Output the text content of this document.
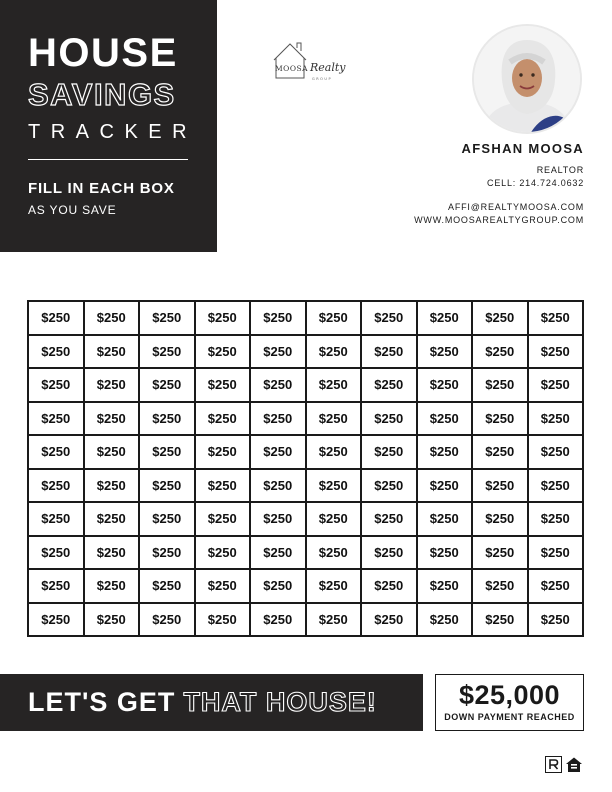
HOUSE
SAVINGS
TRACKER
FILL IN EACH BOX
AS YOU SAVE
MOOSA Realty
GROUP
AFSHAN MOOSA
REALTOR
CELL: 214.724.0632
AFFI@REALTYMOOSA.COM
WWW.MOOSAREALTYGROUP.COM
$250	$250	$250	$250	$250	$250	$250	$250	$250	$250
$250	$250	$250	$250	$250	$250	$250	$250	$250	$250
$250	$250	$250	$250	$250	$250	$250	$250	$250	$250
$250	$250	$250	$250	$250	$250	$250	$250	$250	$250
$250	$250	$250	$250	$250	$250	$250	$250	$250	$250
$250	$250	$250	$250	$250	$250	$250	$250	$250	$250
$250	$250	$250	$250	$250	$250	$250	$250	$250	$250
$250	$250	$250	$250	$250	$250	$250	$250	$250	$250
$250	$250	$250	$250	$250	$250	$250	$250	$250	$250
$250	$250	$250	$250	$250	$250	$250	$250	$250	$250
LET'S GET THAT HOUSE!	$25,000
DOWN PAYMENT REACHED
